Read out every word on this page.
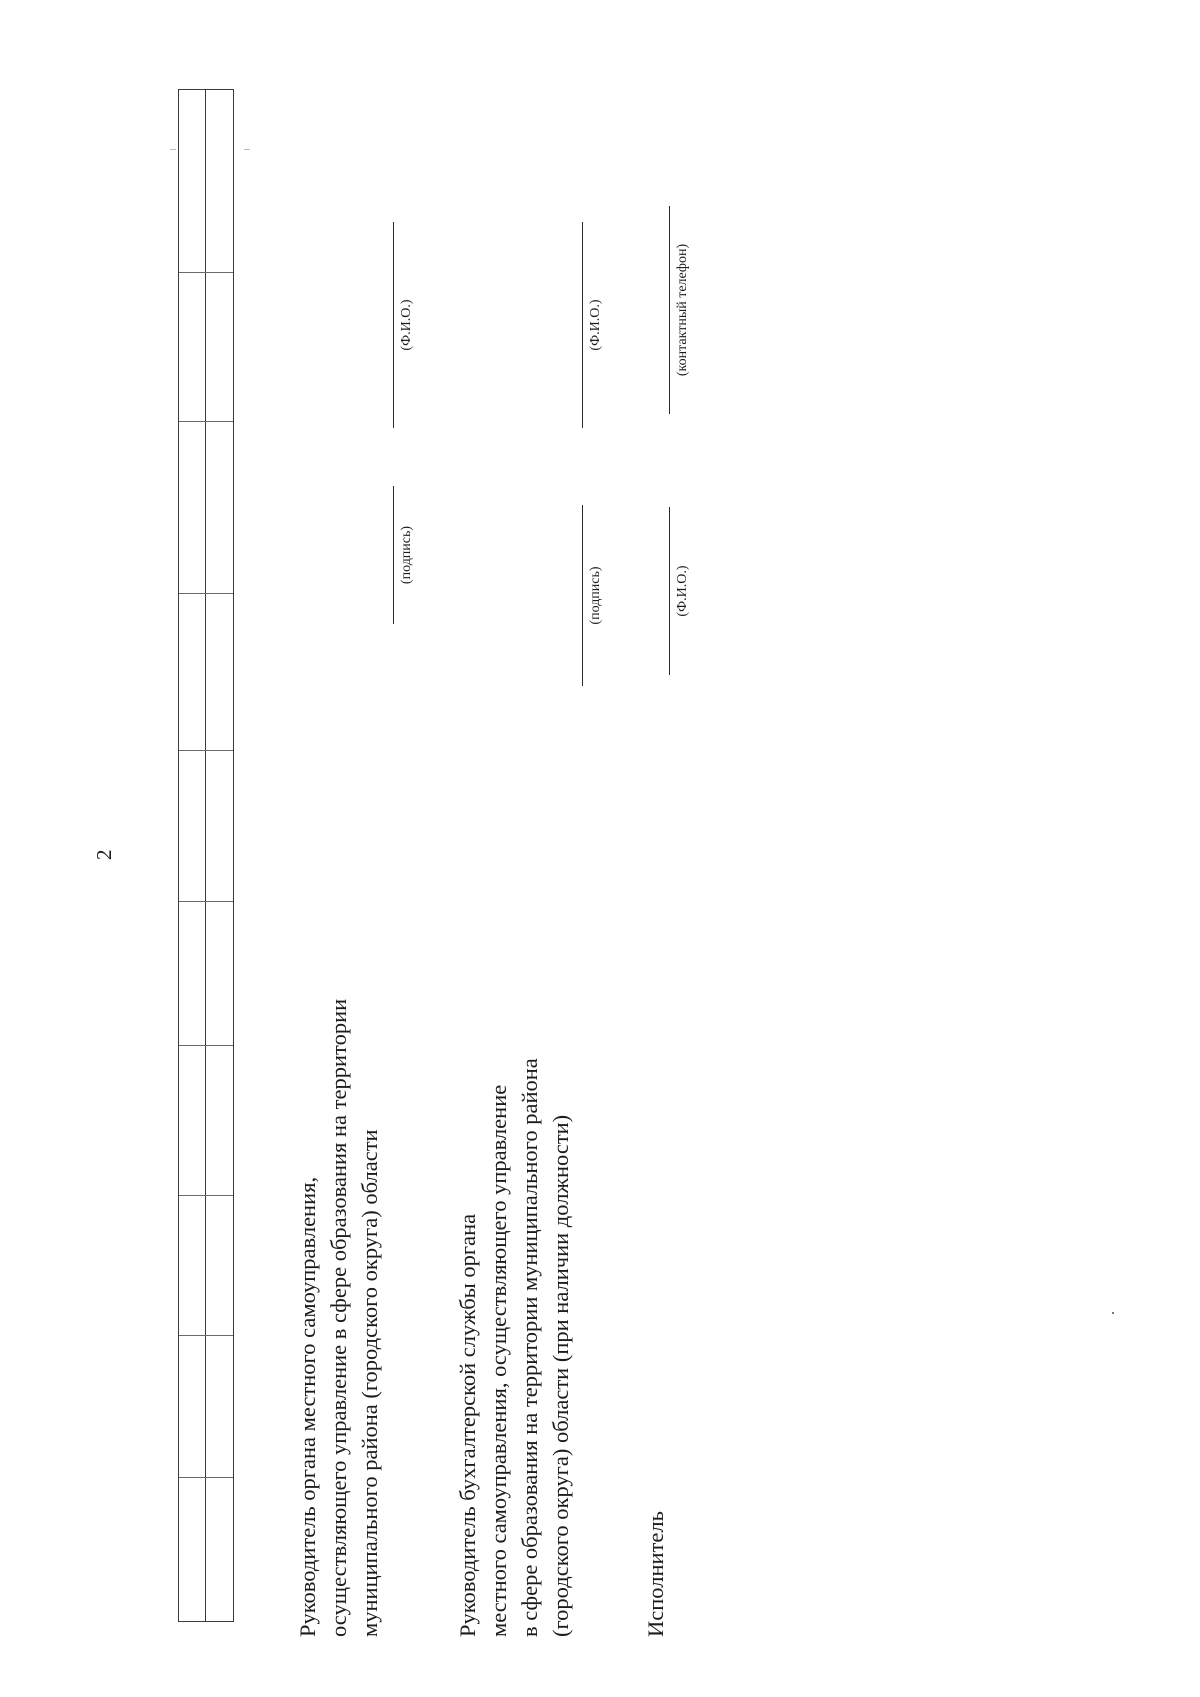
2
Руководитель органа местного самоуправления, осуществляющего управление в сфере образования на территории муниципального района (городского округа) области
(подпись)
(Ф.И.О.)
Руководитель бухгалтерской службы органа местного самоуправления, осуществляющего управление в сфере образования на территории муниципального района (городского округа) области (при наличии должности)
(подпись)
(Ф.И.О.)
Исполнитель
(Ф.И.О.)
(контактный телефон)
